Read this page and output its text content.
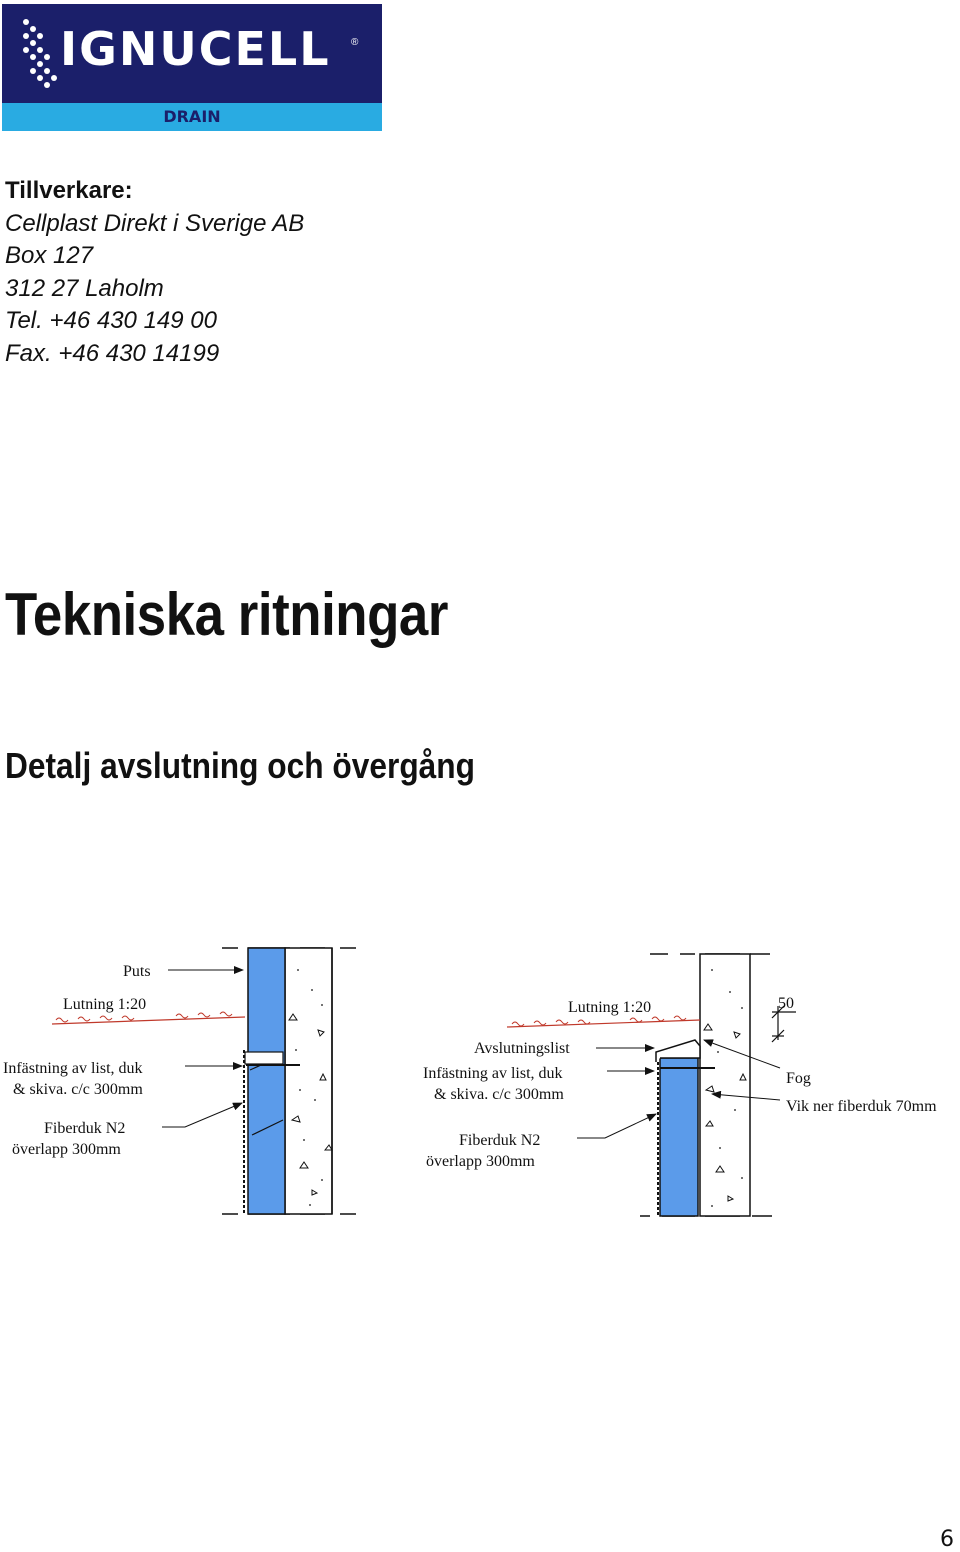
IGNUCELL ®
DRAIN
Tillverkare:
Cellplast Direkt i Sverige AB
Box 127
312 27 Laholm
Tel. +46 430 149 00
Fax. +46 430 14199
Tekniska ritningar
Detalj avslutning och övergång
Puts
Lutning 1:20
Infästning av list, duk
& skiva. c/c 300mm
Fiberduk N2
överlapp 300mm
Lutning 1:20	50
Avslutningslist
Infästning av list, duk
& skiva. c/c 300mm
Fog
Vik ner fiberduk 70mm
Fiberduk N2
överlapp 300mm
6
